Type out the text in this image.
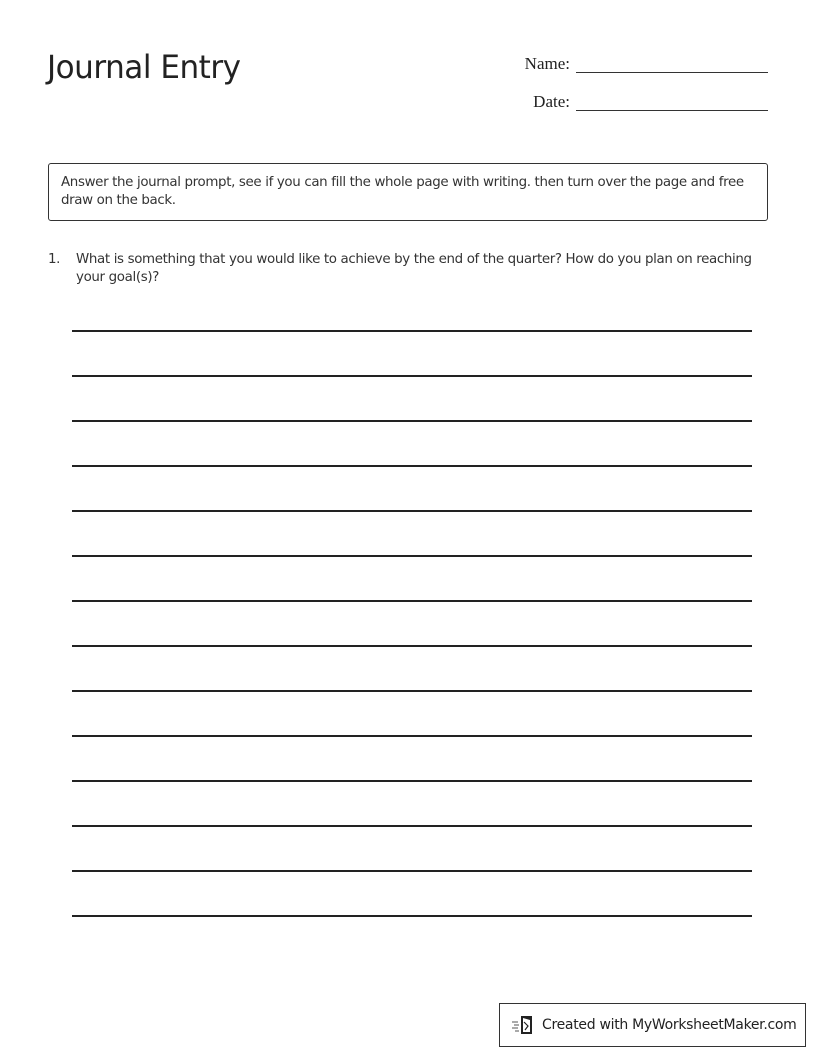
Journal Entry	Name:
Date:
Answer the journal prompt, see if you can fill the whole page with writing. then turn over the page and free draw on the back.
1.	What is something that you would like to achieve by the end of the quarter? How do you plan on reaching your goal(s)?
Created with MyWorksheetMaker.com
